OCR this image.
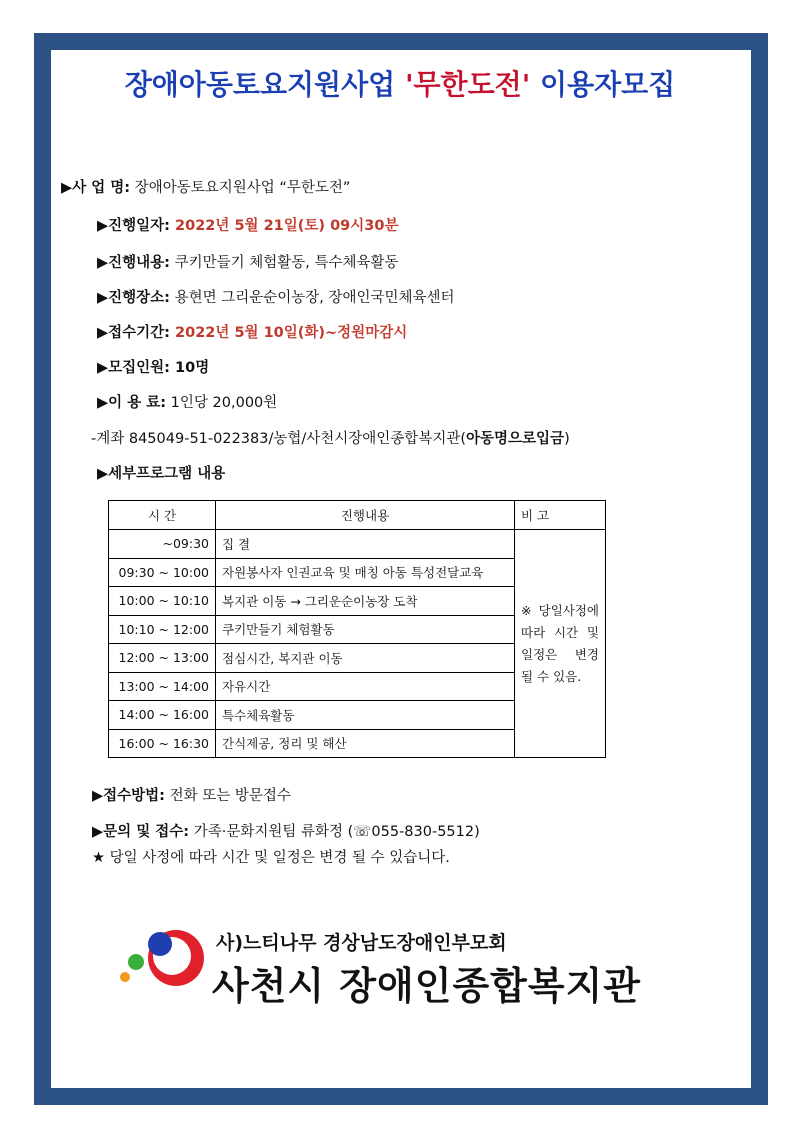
장애아동토요지원사업 '무한도전' 이용자모집
▶사 업 명: 장애아동토요지원사업 “무한도전”
▶진행일자: 2022년 5월 21일(토) 09시30분
▶진행내용: 쿠키만들기 체험활동, 특수체육활동
▶진행장소: 용현면 그리운순이농장, 장애인국민체육센터
▶접수기간: 2022년 5월 10일(화)~정원마감시
▶모집인원: 10명
▶이 용 료: 1인당 20,000원
-계좌 845049-51-022383/농협/사천시장애인종합복지관(아동명으로입금)
▶세부프로그램 내용
시 간	진행내용	비 고
~09:30	집 결	※당일사정에
따라 시간 및
일정은 변경
될 수 있음.

09:30 ~ 10:00	자원봉사자 인권교육 및 매칭 아동 특성전달교육	
10:00 ~ 10:10	복지관 이동 → 그리운순이농장 도착	
10:10 ~ 12:00	쿠키만들기 체험활동	
12:00 ~ 13:00	점심시간, 복지관 이동	
13:00 ~ 14:00	자유시간	
14:00 ~ 16:00	특수체육활동	
16:00 ~ 16:30	간식제공, 정리 및 해산	
▶접수방법: 전화 또는 방문접수
▶문의 및 접수: 가족·문화지원팀 류화정 (☏055-830-5512)
★ 당일 사정에 따라 시간 및 일정은 변경 될 수 있습니다.
사)느티나무 경상남도장애인부모회
사천시 장애인종합복지관
